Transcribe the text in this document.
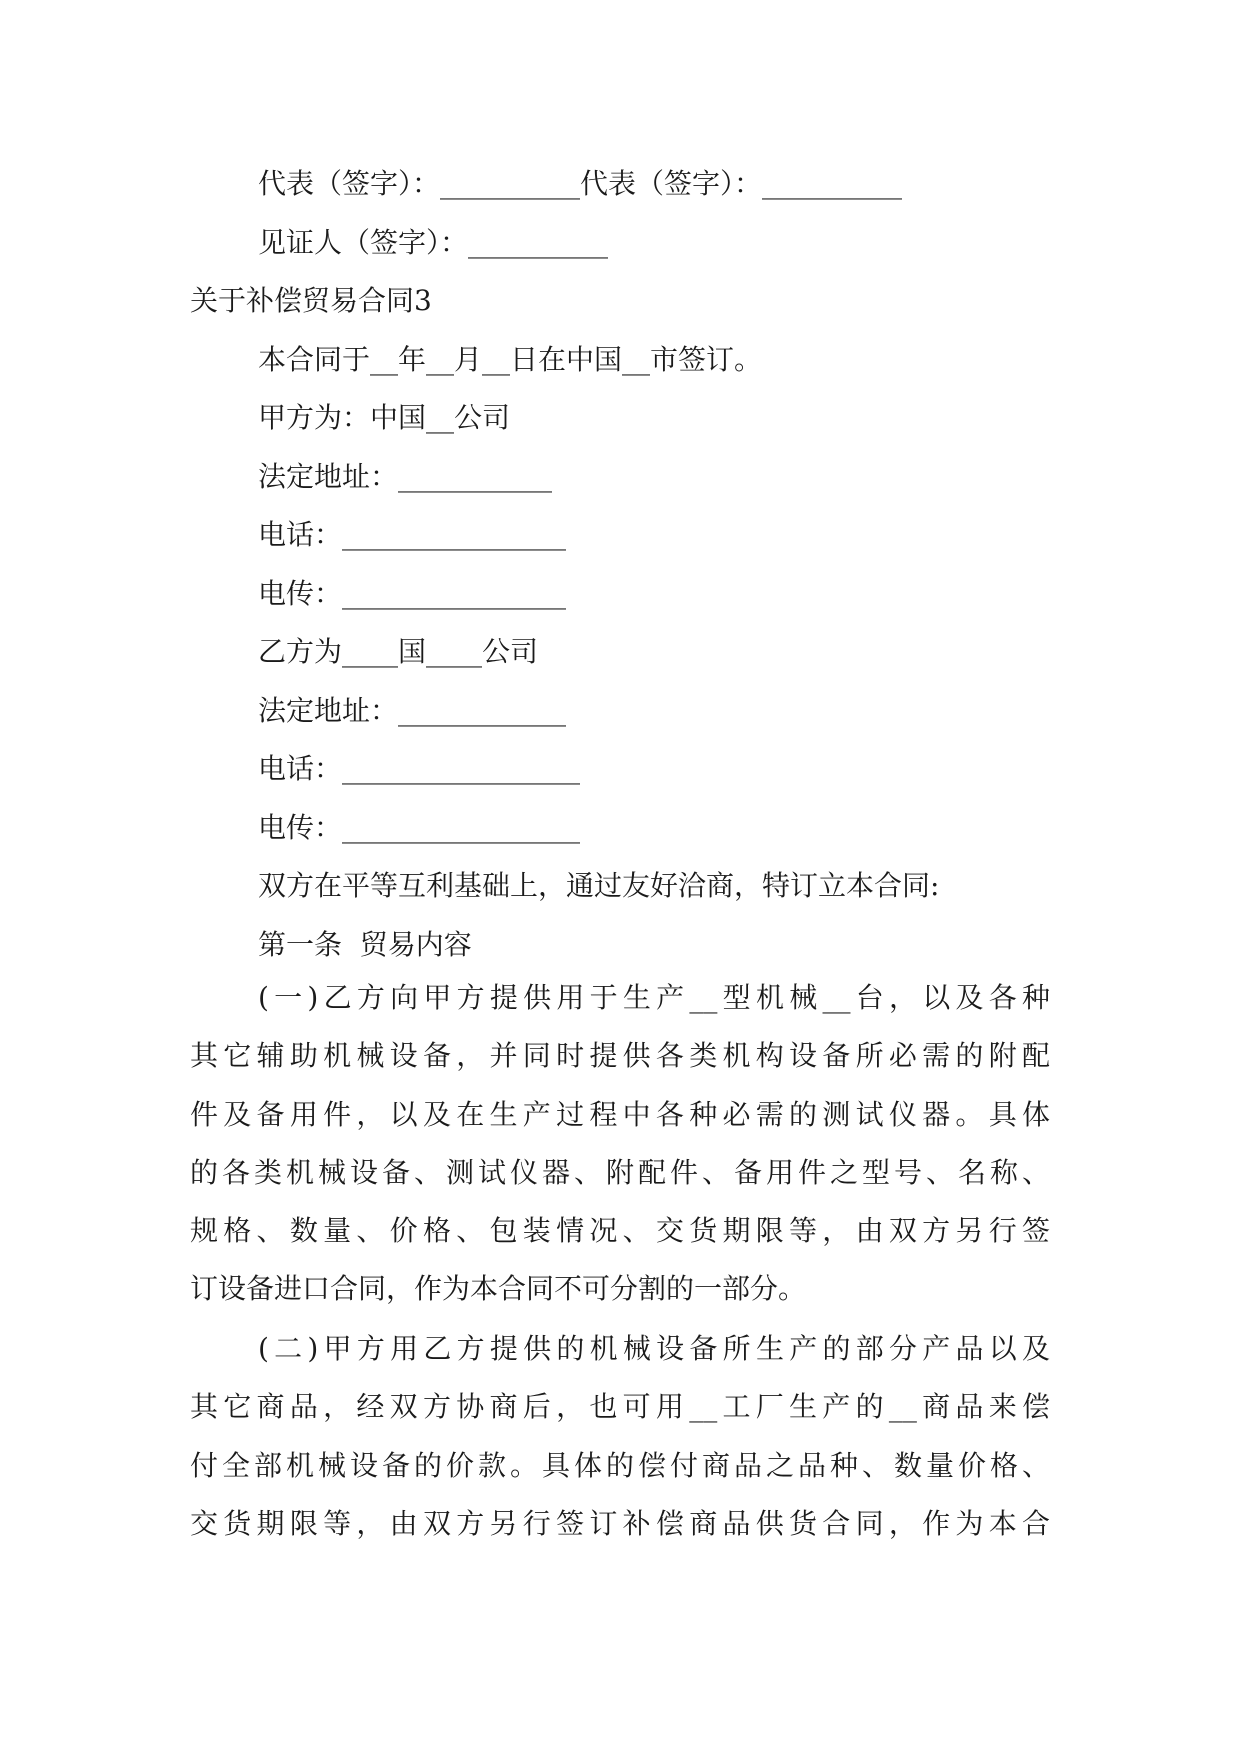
代表（签字）：__________代表（签字）：__________
见证人（签字）：__________
关于补偿贸易合同3
本合同于__年__月__日在中国__市签订。
甲方为：中国__公司
法定地址：___________
电话：________________
电传：________________
乙方为____国____公司
法定地址：____________
电话：_________________
电传：_________________
双方在平等互利基础上，通过友好洽商，特订立本合同:
第一条  贸易内容
(一)乙方向甲方提供用于生产__型机械__台，以及各种
其它辅助机械设备，并同时提供各类机构设备所必需的附配
件及备用件，以及在生产过程中各种必需的测试仪器。具体
的各类机械设备、测试仪器、附配件、备用件之型号、名称、
规格、数量、价格、包装情况、交货期限等，由双方另行签
订设备进口合同，作为本合同不可分割的一部分。
(二)甲方用乙方提供的机械设备所生产的部分产品以及
其它商品，经双方协商后，也可用__工厂生产的__商品来偿
付全部机械设备的价款。具体的偿付商品之品种、数量价格、
交货期限等，由双方另行签订补偿商品供货合同，作为本合
